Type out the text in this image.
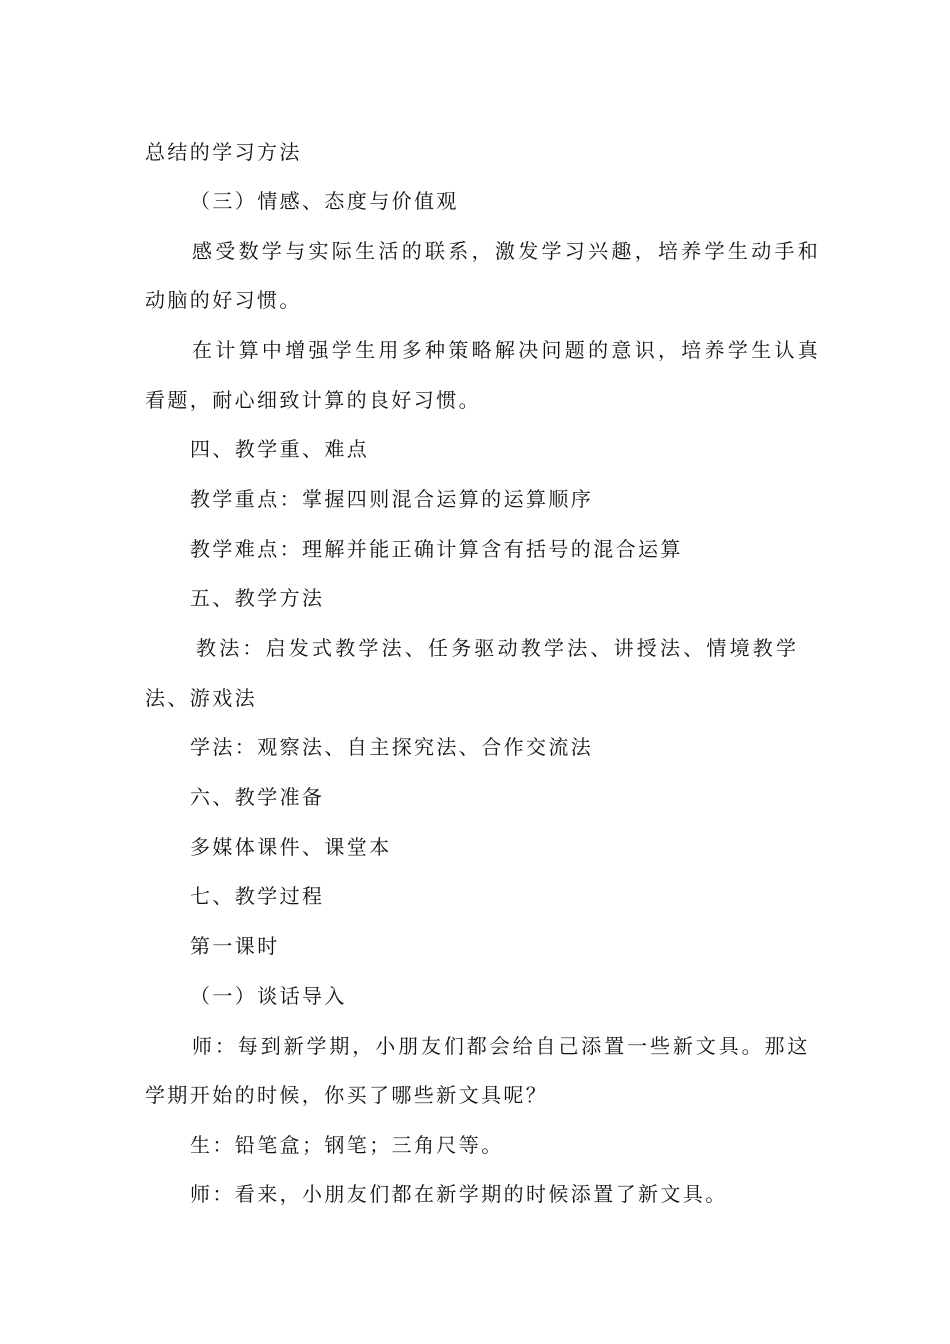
总结的学习方法
（三）情感、态度与价值观
感受数学与实际生活的联系，激发学习兴趣，培养学生动手和
动脑的好习惯。
在计算中增强学生用多种策略解决问题的意识，培养学生认真
看题，耐心细致计算的良好习惯。
四、教学重、难点
教学重点：掌握四则混合运算的运算顺序
教学难点：理解并能正确计算含有括号的混合运算
五、教学方法
教法：启发式教学法、任务驱动教学法、讲授法、情境教学
法、游戏法
学法：观察法、自主探究法、合作交流法
六、教学准备
多媒体课件、课堂本
七、教学过程
第一课时
（一）谈话导入
师：每到新学期，小朋友们都会给自己添置一些新文具。那这
学期开始的时候，你买了哪些新文具呢？
生：铅笔盒；钢笔；三角尺等。
师：看来，小朋友们都在新学期的时候添置了新文具。
